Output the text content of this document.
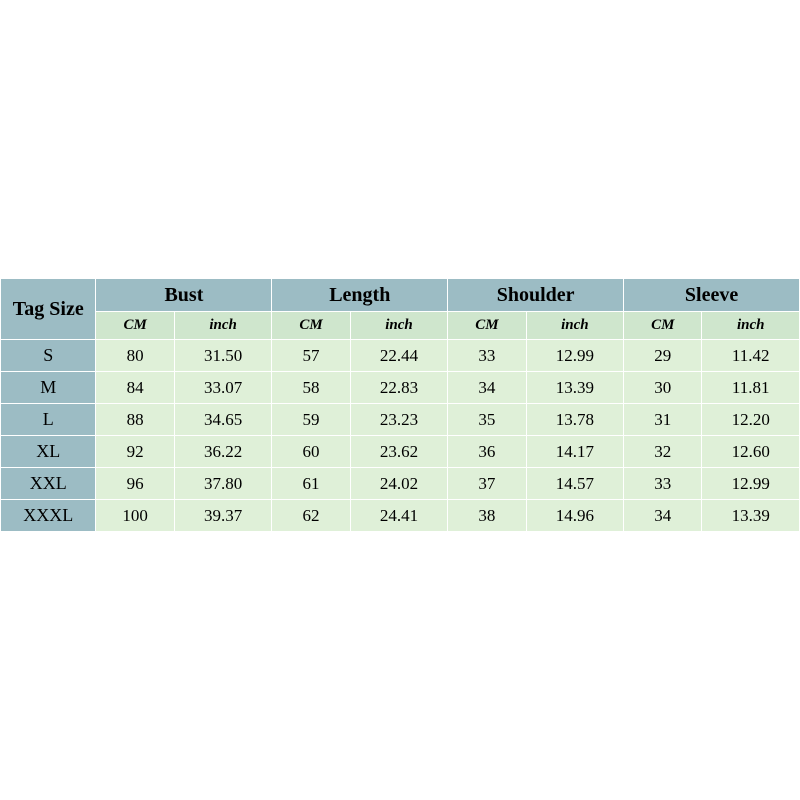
Tag Size	Bust		Length		Shoulder		Sleeve	
	CM	inch	CM	inch	CM	inch	CM	inch
S	80	31.50	57	22.44	33	12.99	29	11.42
M	84	33.07	58	22.83	34	13.39	30	11.81
L	88	34.65	59	23.23	35	13.78	31	12.20
XL	92	36.22	60	23.62	36	14.17	32	12.60
XXL	96	37.80	61	24.02	37	14.57	33	12.99
XXXL	100	39.37	62	24.41	38	14.96	34	13.39
